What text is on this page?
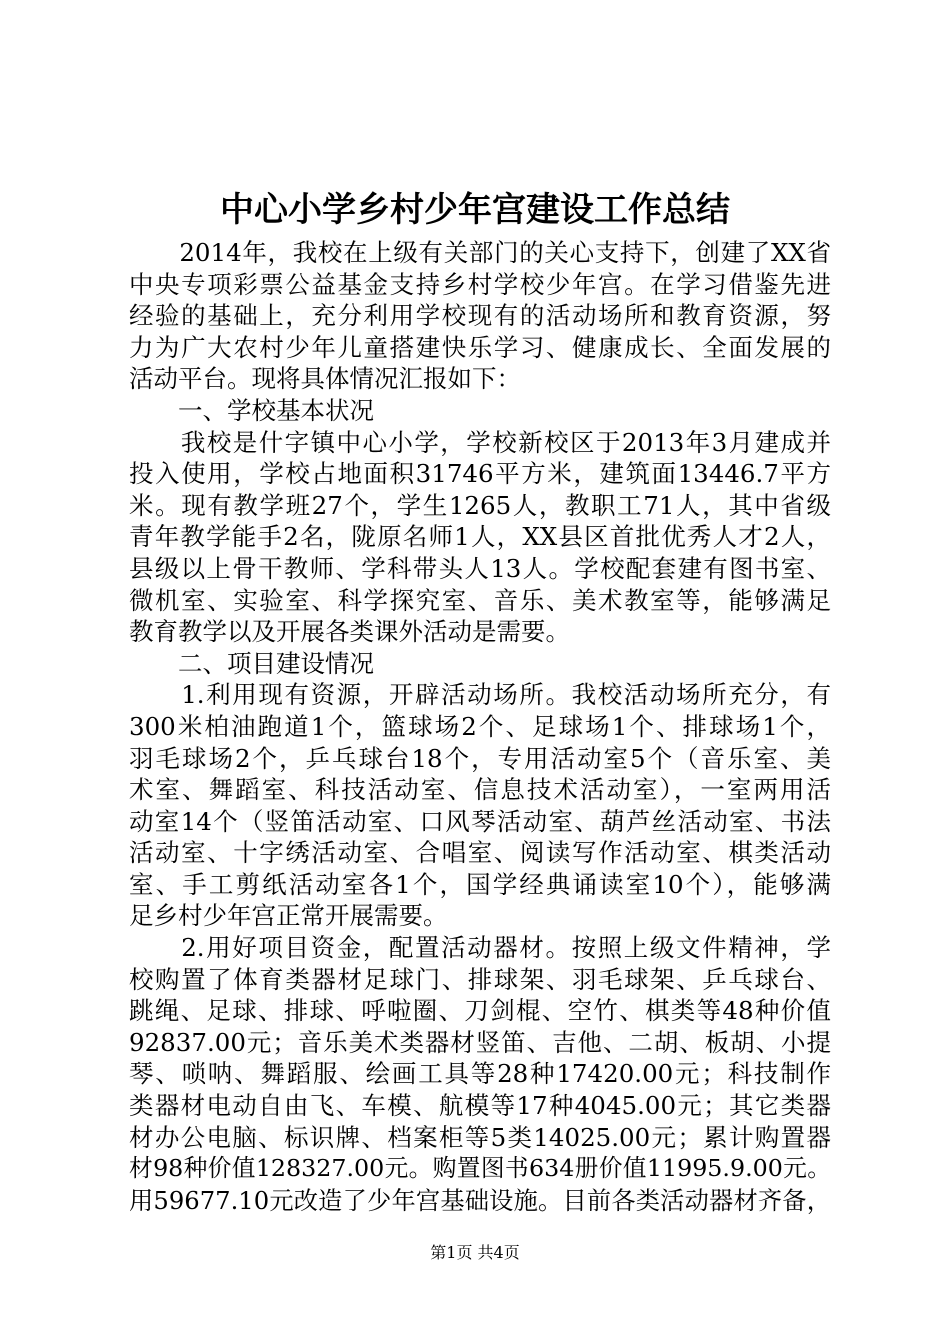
中心小学乡村少年宫建设工作总结
　　2014年，我校在上级有关部门的关心支持下，创建了XX省
中央专项彩票公益基金支持乡村学校少年宫。在学习借鉴先进
经验的基础上，充分利用学校现有的活动场所和教育资源，努
力为广大农村少年儿童搭建快乐学习、健康成长、全面发展的
活动平台。现将具体情况汇报如下：
　　一、学校基本状况
　　我校是什字镇中心小学，学校新校区于2013年3月建成并
投入使用，学校占地面积31746平方米，建筑面13446.7平方
米。现有教学班27个，学生1265人，教职工71人，其中省级
青年教学能手2名，陇原名师1人，XX县区首批优秀人才2人，
县级以上骨干教师、学科带头人13人。学校配套建有图书室、
微机室、实验室、科学探究室、音乐、美术教室等，能够满足
教育教学以及开展各类课外活动是需要。
　　二、项目建设情况
　　1.利用现有资源，开辟活动场所。我校活动场所充分，有
300米柏油跑道1个，篮球场2个、足球场1个、排球场1个，
羽毛球场2个，乒乓球台18个，专用活动室5个（音乐室、美
术室、舞蹈室、科技活动室、信息技术活动室），一室两用活
动室14个（竖笛活动室、口风琴活动室、葫芦丝活动室、书法
活动室、十字绣活动室、合唱室、阅读写作活动室、棋类活动
室、手工剪纸活动室各1个，国学经典诵读室10个），能够满
足乡村少年宫正常开展需要。
　　2.用好项目资金，配置活动器材。按照上级文件精神，学
校购置了体育类器材足球门、排球架、羽毛球架、乒乓球台、
跳绳、足球、排球、呼啦圈、刀剑棍、空竹、棋类等48种价值
92837.00元；音乐美术类器材竖笛、吉他、二胡、板胡、小提
琴、唢呐、舞蹈服、绘画工具等28种17420.00元；科技制作
类器材电动自由飞、车模、航模等17种4045.00元；其它类器
材办公电脑、标识牌、档案柜等5类14025.00元；累计购置器
材98种价值128327.00元。购置图书634册价值11995.9.00元。
用59677.10元改造了少年宫基础设施。目前各类活动器材齐备，
第1页 共4页
